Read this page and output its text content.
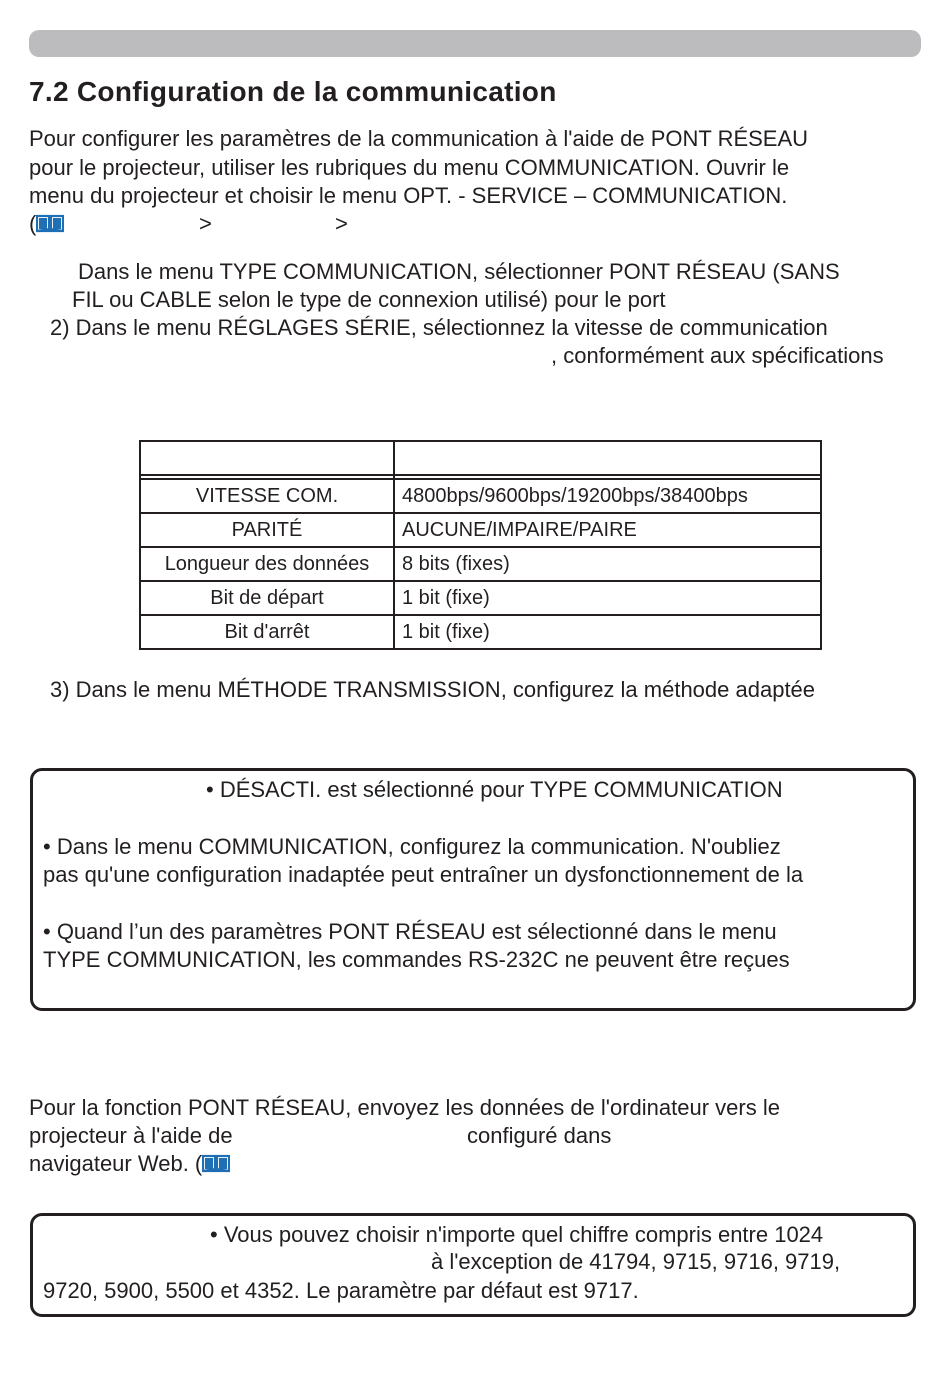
7.2 Configuration de la communication
Pour configurer les paramètres de la communication à l'aide de PONT RÉSEAU
pour le projecteur, utiliser les rubriques du menu COMMUNICATION. Ouvrir le
menu du projecteur et choisir le menu OPT. - SERVICE – COMMUNICATION.
(	>	>
Dans le menu TYPE COMMUNICATION, sélectionner PONT RÉSEAU (SANS
FIL ou CABLE selon le type de connexion utilisé) pour le port
2) Dans le menu RÉGLAGES SÉRIE, sélectionnez la vitesse de communication
, conformément aux spécifications

VITESSE COM.	4800bps/9600bps/19200bps/38400bps
PARITÉ	AUCUNE/IMPAIRE/PAIRE
Longueur des données	8 bits (fixes)
Bit de départ	1 bit (fixe)
Bit d'arrêt	1 bit (fixe)
3) Dans le menu MÉTHODE TRANSMISSION, configurez la méthode adaptée
• DÉSACTI. est sélectionné pour TYPE COMMUNICATION
• Dans le menu COMMUNICATION, configurez la communication. N'oubliez
pas qu'une configuration inadaptée peut entraîner un dysfonctionnement de la
• Quand l’un des paramètres PONT RÉSEAU est sélectionné dans le menu
TYPE COMMUNICATION, les commandes RS-232C ne peuvent être reçues
Pour la fonction PONT RÉSEAU, envoyez les données de l'ordinateur vers le
projecteur à l'aide de	configuré dans
navigateur Web. (
• Vous pouvez choisir n'importe quel chiffre compris entre 1024
à l'exception de 41794, 9715, 9716, 9719,
9720, 5900, 5500 et 4352. Le paramètre par défaut est 9717.
